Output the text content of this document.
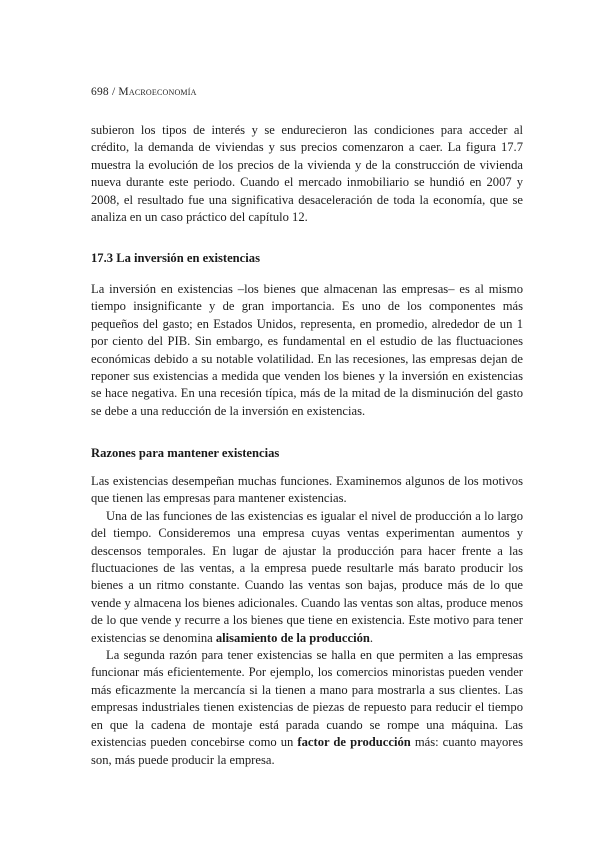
698 / Macroeconomía

subieron los tipos de interés y se endurecieron las condiciones para acceder al crédito, la demanda de viviendas y sus precios comenzaron a caer. La figura 17.7 muestra la evolución de los precios de la vivienda y de la construcción de vivienda nueva durante este periodo. Cuando el mercado inmobiliario se hundió en 2007 y 2008, el resultado fue una significativa desaceleración de toda la economía, que se analiza en un caso práctico del capítulo 12.

17.3 La inversión en existencias

La inversión en existencias –los bienes que almacenan las empresas– es al mismo tiempo insignificante y de gran importancia. Es uno de los componentes más pequeños del gasto; en Estados Unidos, representa, en promedio, alrededor de un 1 por ciento del PIB. Sin embargo, es fundamental en el estudio de las fluctuaciones económicas debido a su notable volatilidad. En las recesiones, las empresas dejan de reponer sus existencias a medida que venden los bienes y la inversión en existencias se hace negativa. En una recesión típica, más de la mitad de la disminución del gasto se debe a una reducción de la inversión en existencias.

Razones para mantener existencias

Las existencias desempeñan muchas funciones. Examinemos algunos de los motivos que tienen las empresas para mantener existencias.

Una de las funciones de las existencias es igualar el nivel de producción a lo largo del tiempo. Consideremos una empresa cuyas ventas experimentan aumentos y descensos temporales. En lugar de ajustar la producción para hacer frente a las fluctuaciones de las ventas, a la empresa puede resultarle más barato producir los bienes a un ritmo constante. Cuando las ventas son bajas, produce más de lo que vende y almacena los bienes adicionales. Cuando las ventas son altas, produce menos de lo que vende y recurre a los bienes que tiene en existencia. Este motivo para tener existencias se denomina alisamiento de la producción.

La segunda razón para tener existencias se halla en que permiten a las empresas funcionar más eficientemente. Por ejemplo, los comercios minoristas pueden vender más eficazmente la mercancía si la tienen a mano para mostrarla a sus clientes. Las empresas industriales tienen existencias de piezas de repuesto para reducir el tiempo en que la cadena de montaje está parada cuando se rompe una máquina. Las existencias pueden concebirse como un factor de producción más: cuanto mayores son, más puede producir la empresa.
